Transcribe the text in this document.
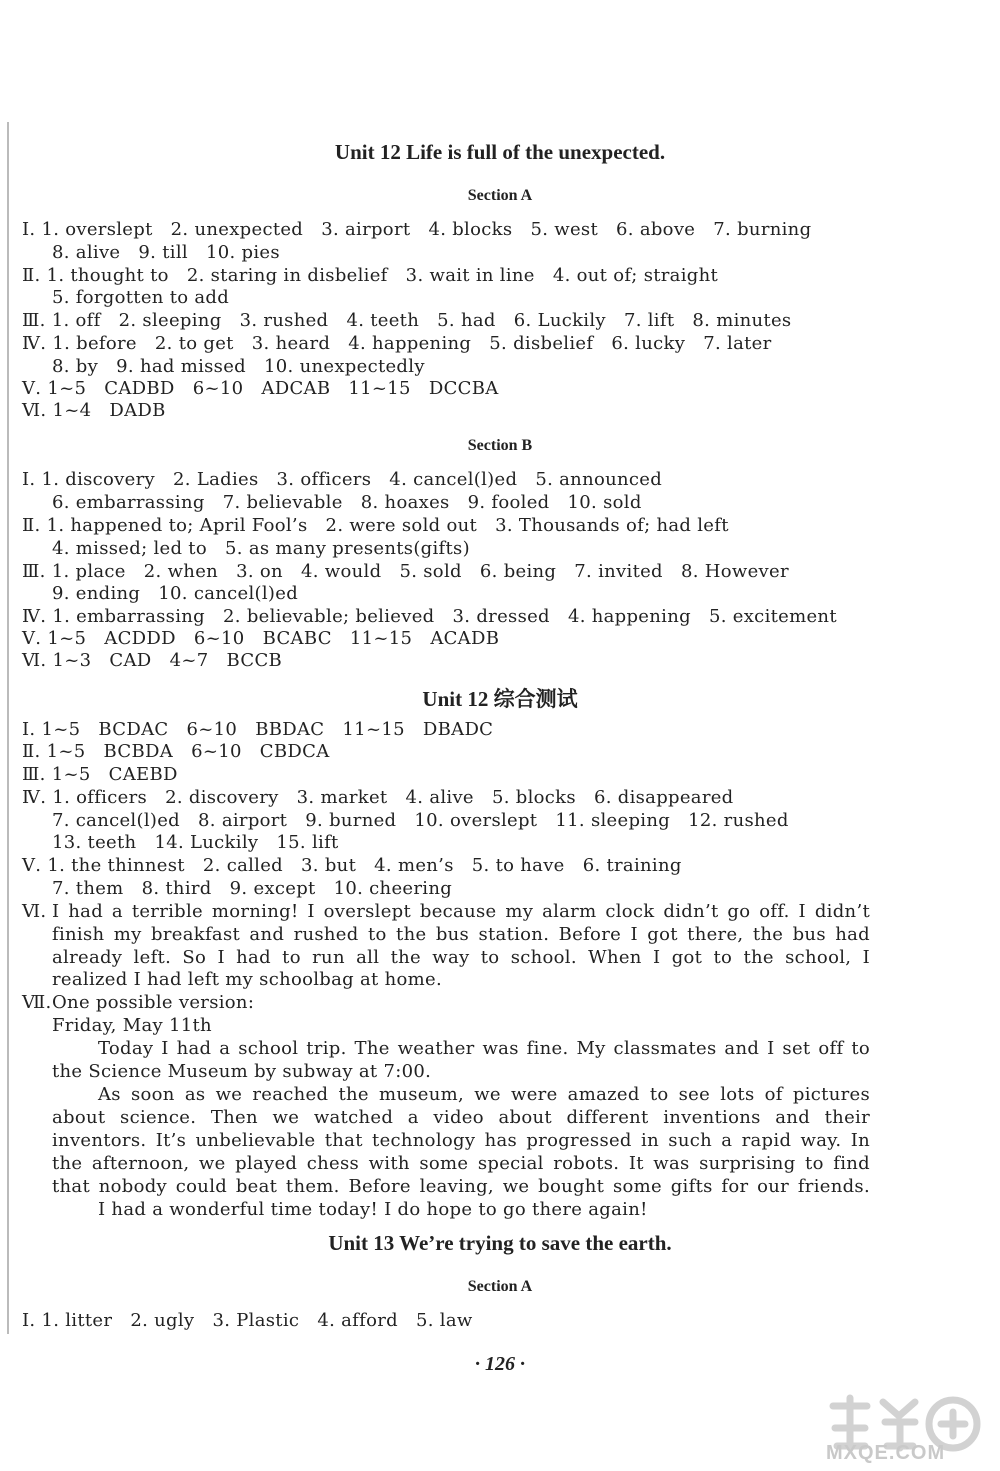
Unit 12 Life is full of the unexpected.
Section A
Ⅰ. 1. overslept   2. unexpected   3. airport   4. blocks   5. west   6. above   7. burning
8. alive   9. till   10. pies
Ⅱ. 1. thought to   2. staring in disbelief   3. wait in line   4. out of; straight
5. forgotten to add
Ⅲ. 1. off   2. sleeping   3. rushed   4. teeth   5. had   6. Luckily   7. lift   8. minutes
Ⅳ. 1. before   2. to get   3. heard   4. happening   5. disbelief   6. lucky   7. later
8. by   9. had missed   10. unexpectedly
Ⅴ. 1~5   CADBD   6~10   ADCAB   11~15   DCCBA
Ⅵ. 1~4   DADB
Section B
Ⅰ. 1. discovery   2. Ladies   3. officers   4. cancel(l)ed   5. announced
6. embarrassing   7. believable   8. hoaxes   9. fooled   10. sold
Ⅱ. 1. happened to; April Fool’s   2. were sold out   3. Thousands of; had left
4. missed; led to   5. as many presents(gifts)
Ⅲ. 1. place   2. when   3. on   4. would   5. sold   6. being   7. invited   8. However
9. ending   10. cancel(l)ed
Ⅳ. 1. embarrassing   2. believable; believed   3. dressed   4. happening   5. excitement
Ⅴ. 1~5   ACDDD   6~10   BCABC   11~15   ACADB
Ⅵ. 1~3   CAD   4~7   BCCB
Unit 12 综合测试
Ⅰ. 1~5   BCDAC   6~10   BBDAC   11~15   DBADC
Ⅱ. 1~5   BCBDA   6~10   CBDCA
Ⅲ. 1~5   CAEBD
Ⅳ. 1. officers   2. discovery   3. market   4. alive   5. blocks   6. disappeared
7. cancel(l)ed   8. airport   9. burned   10. overslept   11. sleeping   12. rushed
13. teeth   14. Luckily   15. lift
Ⅴ. 1. the thinnest   2. called   3. but   4. men’s   5. to have   6. training
7. them   8. third   9. except   10. cheering
Ⅵ. I had a terrible morning! I overslept because my alarm clock didn’t go off. I didn’t
finish my breakfast and rushed to the bus station. Before I got there, the bus had
already left. So I had to run all the way to school. When I got to the school, I
realized I had left my schoolbag at home.
Ⅶ. One possible version:
Friday, May 11th
Today I had a school trip. The weather was fine. My classmates and I set off to
the Science Museum by subway at 7:00.
As soon as we reached the museum, we were amazed to see lots of pictures
about science. Then we watched a video about different inventions and their
inventors. It’s unbelievable that technology has progressed in such a rapid way. In
the afternoon, we played chess with some special robots. It was surprising to find
that nobody could beat them. Before leaving, we bought some gifts for our friends.
I had a wonderful time today! I do hope to go there again!
Unit 13 We’re trying to save the earth.
Section A
Ⅰ. 1. litter   2. ugly   3. Plastic   4. afford   5. law
· 126 ·
MXQE.COM
